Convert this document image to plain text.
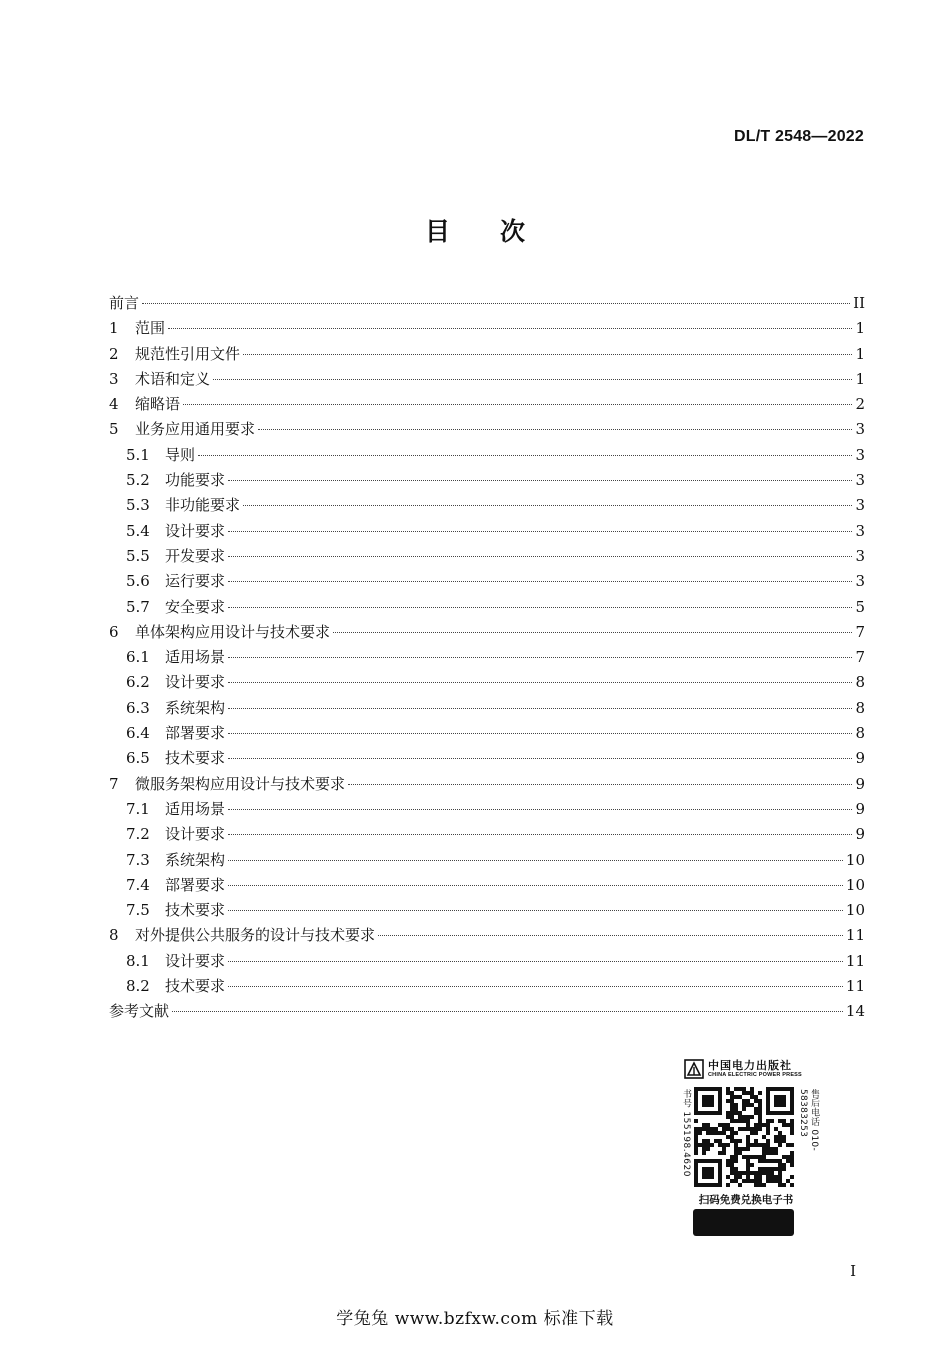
DL/T 2548—2022
目次
前言	II
1	范围	1
2	规范性引用文件	1
3	术语和定义	1
4	缩略语	2
5	业务应用通用要求	3
5.1	导则	3
5.2	功能要求	3
5.3	非功能要求	3
5.4	设计要求	3
5.5	开发要求	3
5.6	运行要求	3
5.7	安全要求	5
6	单体架构应用设计与技术要求	7
6.1	适用场景	7
6.2	设计要求	8
6.3	系统架构	8
6.4	部署要求	8
6.5	技术要求	9
7	微服务架构应用设计与技术要求	9
7.1	适用场景	9
7.2	设计要求	9
7.3	系统架构	10
7.4	部署要求	10
7.5	技术要求	10
8	对外提供公共服务的设计与技术要求	11
8.1	设计要求	11
8.2	技术要求	11
参考文献	14
中国电力出版社
CHINA ELECTRIC POWER PRESS
书号 155198.4620	售后电话 010-58383253
扫码免费兑换电子书
I
学兔兔 www.bzfxw.com 标准下载
